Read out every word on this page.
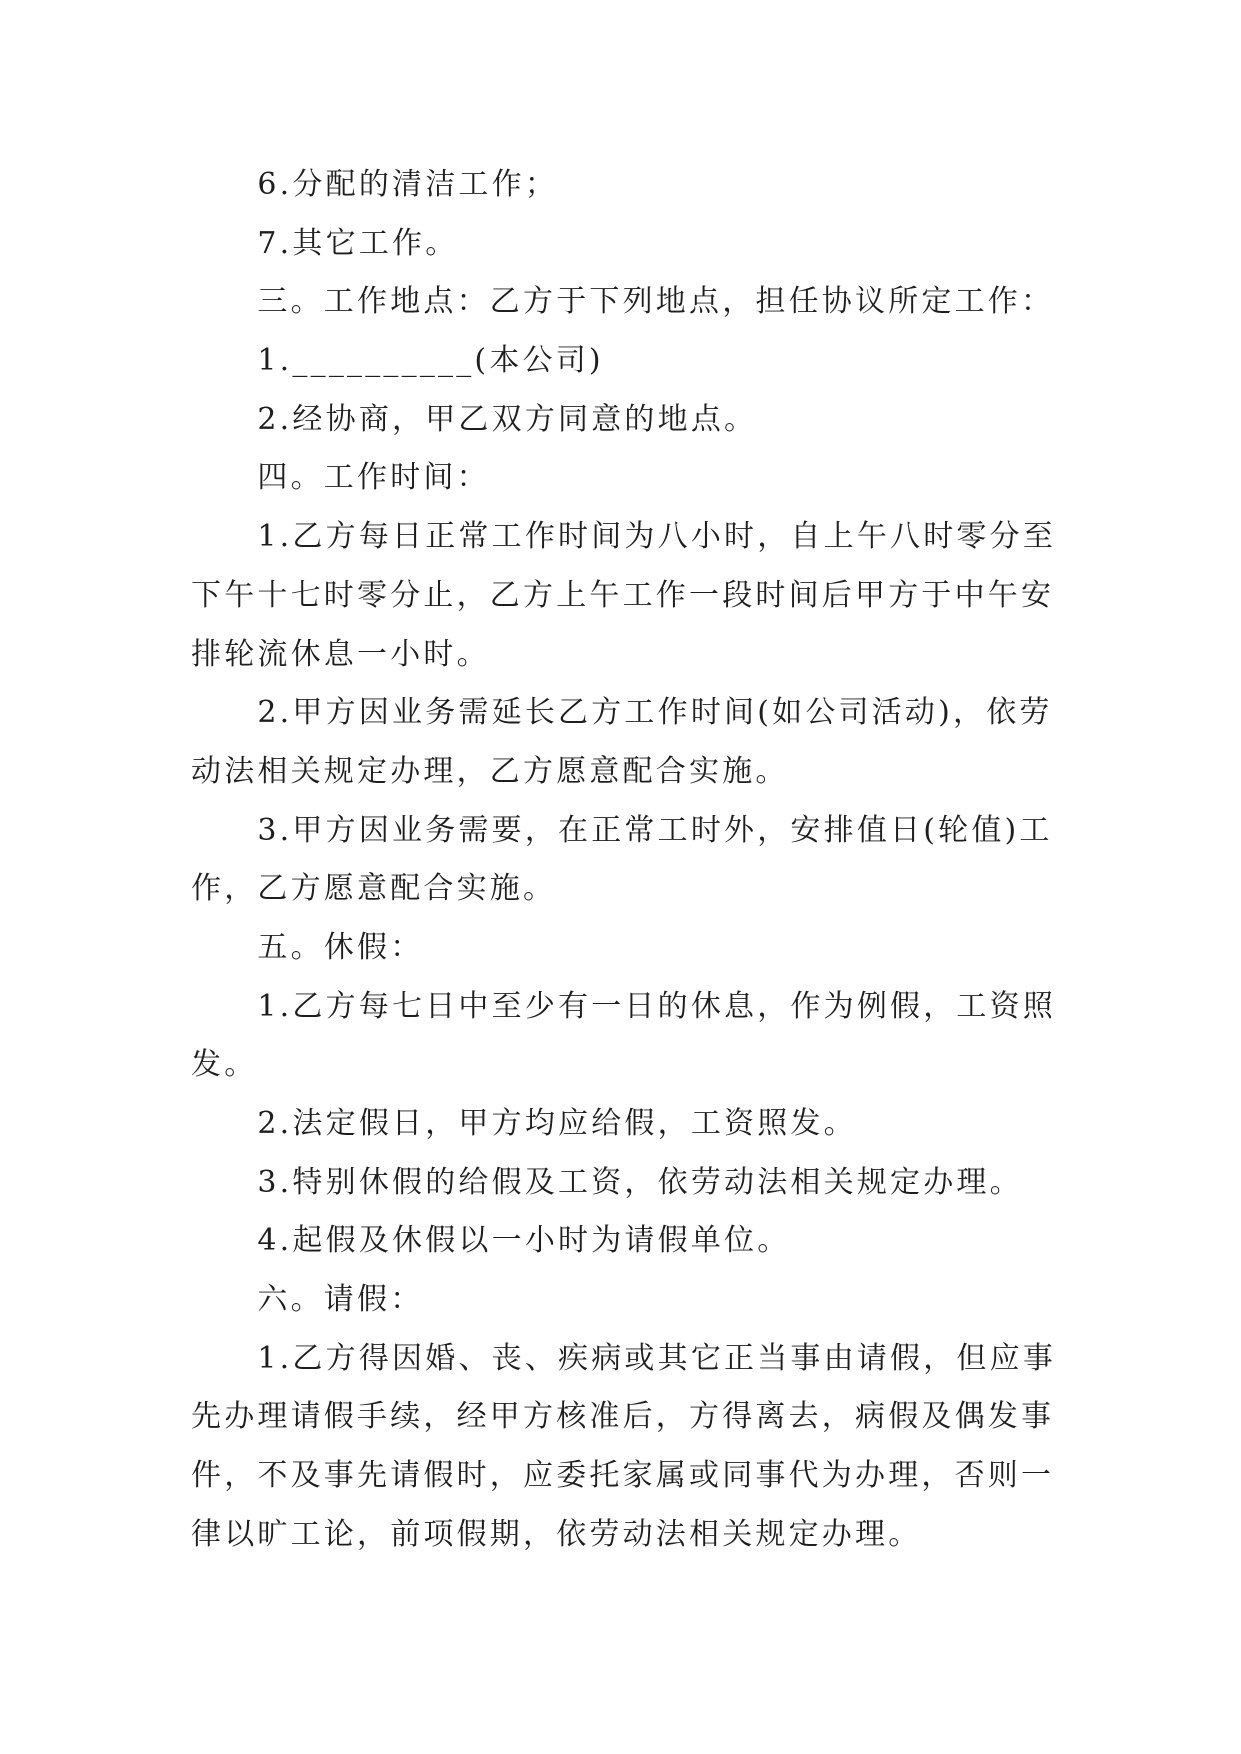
6.分配的清洁工作；
7.其它工作。
三。工作地点：乙方于下列地点，担任协议所定工作：
1.__________(本公司)
2.经协商，甲乙双方同意的地点。
四。工作时间：
1.乙方每日正常工作时间为八小时，自上午八时零分至
下午十七时零分止，乙方上午工作一段时间后甲方于中午安
排轮流休息一小时。
2.甲方因业务需延长乙方工作时间(如公司活动)，依劳
动法相关规定办理，乙方愿意配合实施。
3.甲方因业务需要，在正常工时外，安排值日(轮值)工
作，乙方愿意配合实施。
五。休假：
1.乙方每七日中至少有一日的休息，作为例假，工资照
发。
2.法定假日，甲方均应给假，工资照发。
3.特别休假的给假及工资，依劳动法相关规定办理。
4.起假及休假以一小时为请假单位。
六。请假：
1.乙方得因婚、丧、疾病或其它正当事由请假，但应事
先办理请假手续，经甲方核准后，方得离去，病假及偶发事
件，不及事先请假时，应委托家属或同事代为办理，否则一
律以旷工论，前项假期，依劳动法相关规定办理。
